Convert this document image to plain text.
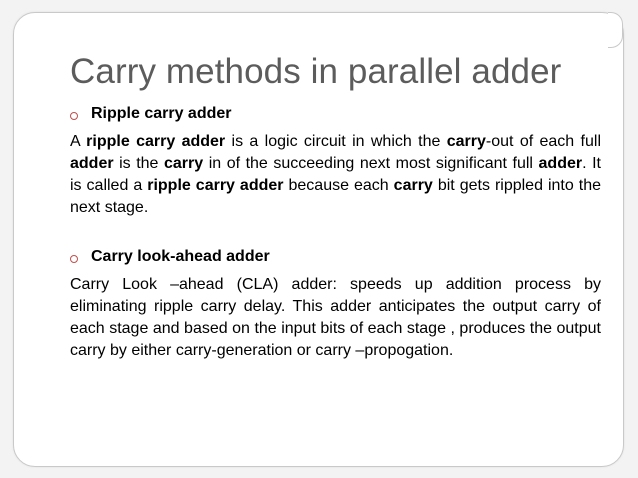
Carry methods in parallel adder
Ripple carry adder
A ripple carry adder is a logic circuit in which the carry-out of each full adder is the carry in of the succeeding next most significant full adder. It is called a ripple carry adder because each carry bit gets rippled into the next stage.
Carry look-ahead adder
Carry Look –ahead (CLA) adder: speeds up addition process by eliminating ripple carry delay. This adder anticipates the output carry of each stage and based on the input bits of each stage , produces the output carry by either carry-generation or carry –propogation.
